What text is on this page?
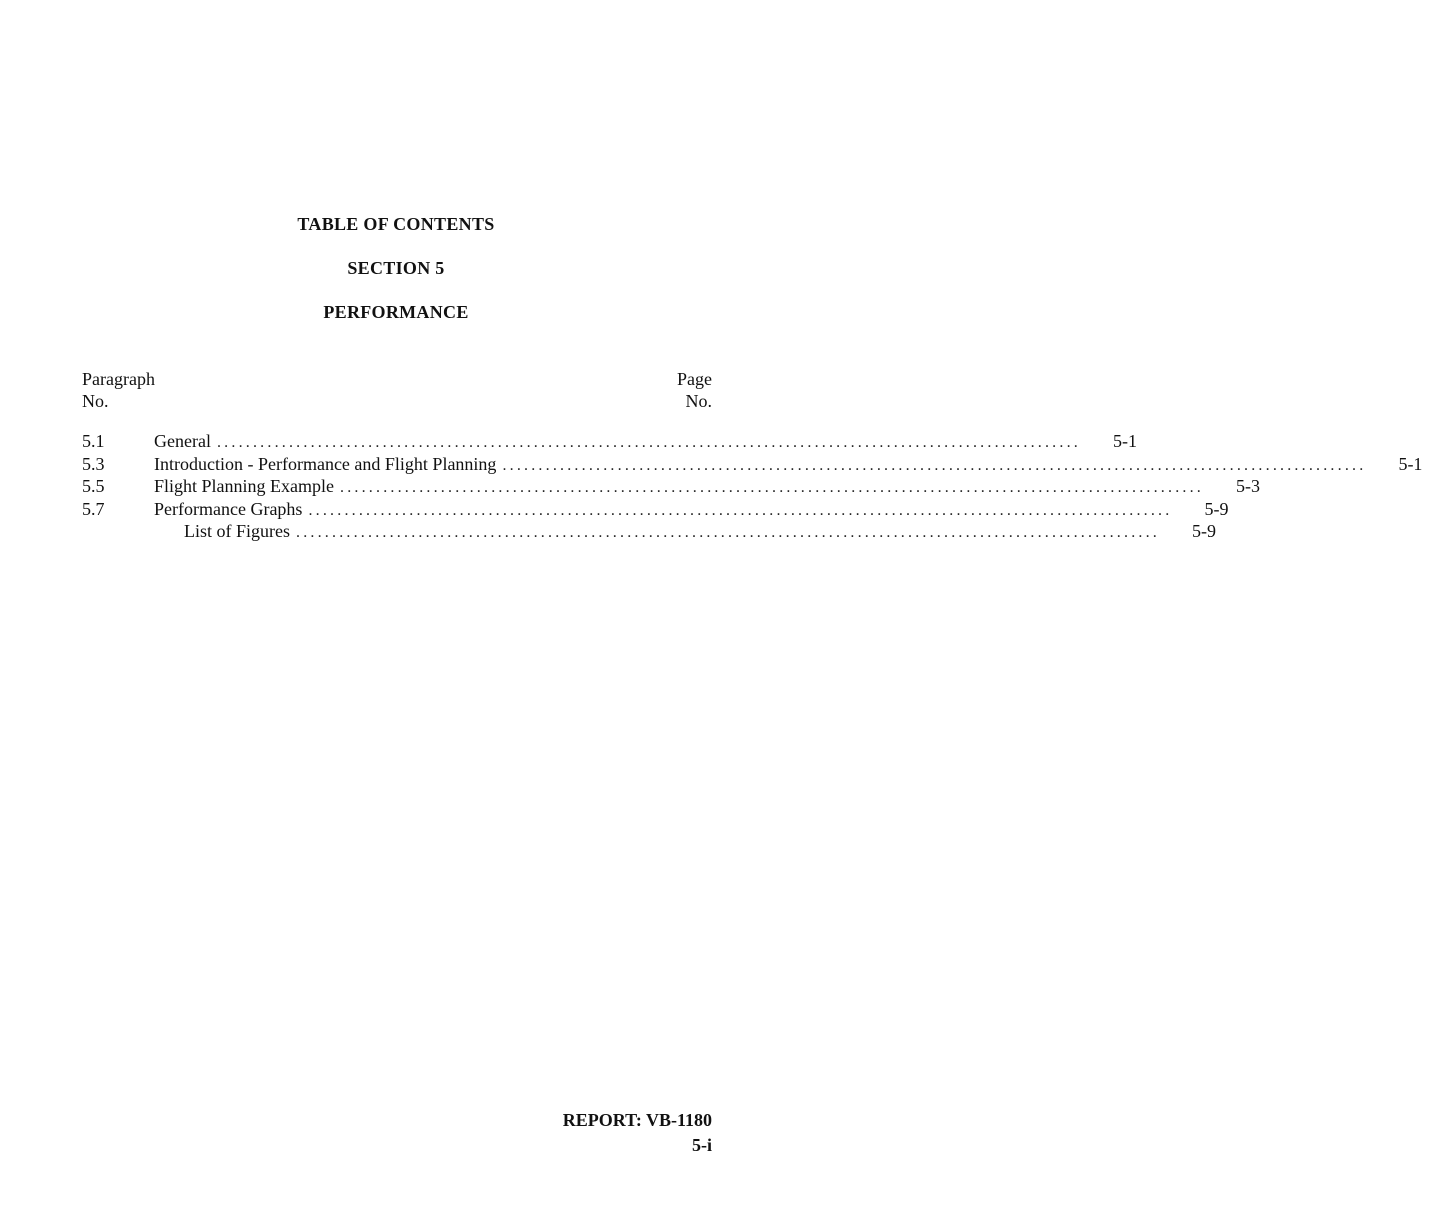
TABLE OF CONTENTS
SECTION 5
PERFORMANCE
Paragraph
No.
Page
No.
5.1	General ........................................................................................................................ 5-1
5.3	Introduction - Performance and Flight Planning ........................................................................................................................ 5-1
5.5	Flight Planning Example ........................................................................................................................ 5-3
5.7	Performance Graphs ........................................................................................................................ 5-9
List of Figures ........................................................................................................................ 5-9
REPORT: VB-1180
5-i
